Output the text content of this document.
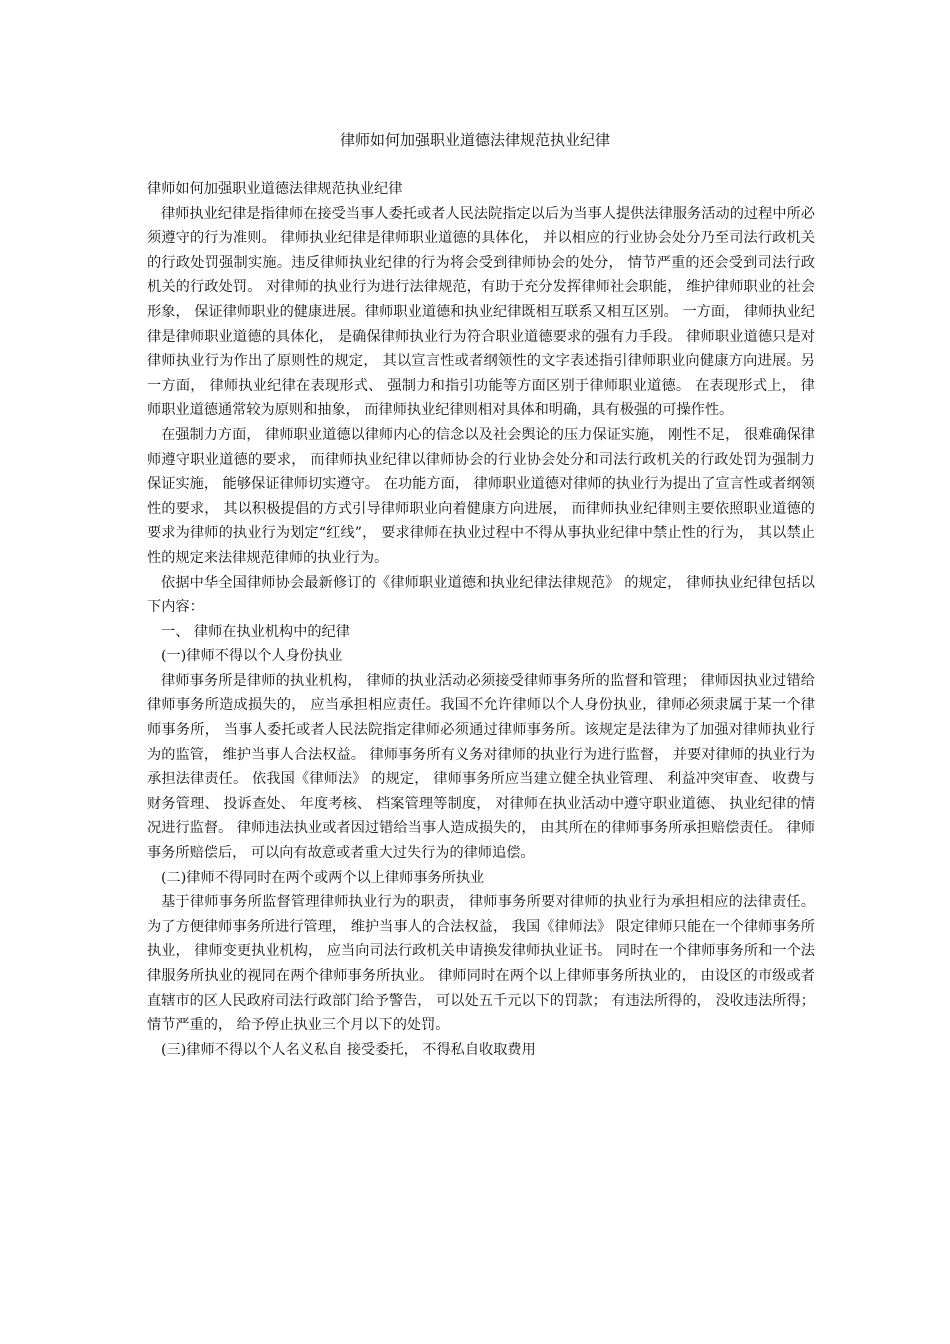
律师如何加强职业道德法律规范执业纪律

律师如何加强职业道德法律规范执业纪律

律师执业纪律是指律师在接受当事人委托或者人民法院指定以后为当事人提供法律服务活动的过程中所必须遵守的行为准则。 律师执业纪律是律师职业道德的具体化， 并以相应的行业协会处分乃至司法行政机关的行政处罚强制实施。违反律师执业纪律的行为将会受到律师协会的处分， 情节严重的还会受到司法行政机关的行政处罚。 对律师的执业行为进行法律规范，有助于充分发挥律师社会职能， 维护律师职业的社会形象， 保证律师职业的健康进展。律师职业道德和执业纪律既相互联系又相互区别。 一方面， 律师执业纪律是律师职业道德的具体化， 是确保律师执业行为符合职业道德要求的强有力手段。 律师职业道德只是对律师执业行为作出了原则性的规定， 其以宣言性或者纲领性的文字表述指引律师职业向健康方向进展。另一方面， 律师执业纪律在表现形式、 强制力和指引功能等方面区别于律师职业道德。 在表现形式上， 律师职业道德通常较为原则和抽象， 而律师执业纪律则相对具体和明确，具有极强的可操作性。

在强制力方面， 律师职业道德以律师内心的信念以及社会舆论的压力保证实施， 刚性不足， 很难确保律师遵守职业道德的要求， 而律师执业纪律以律师协会的行业协会处分和司法行政机关的行政处罚为强制力保证实施， 能够保证律师切实遵守。 在功能方面， 律师职业道德对律师的执业行为提出了宣言性或者纲领性的要求， 其以积极提倡的方式引导律师职业向着健康方向进展， 而律师执业纪律则主要依照职业道德的要求为律师的执业行为划定“红线”， 要求律师在执业过程中不得从事执业纪律中禁止性的行为， 其以禁止性的规定来法律规范律师的执业行为。

依据中华全国律师协会最新修订的《律师职业道德和执业纪律法律规范》 的规定， 律师执业纪律包括以下内容：

一、 律师在执业机构中的纪律

(一)律师不得以个人身份执业

律师事务所是律师的执业机构， 律师的执业活动必须接受律师事务所的监督和管理； 律师因执业过错给律师事务所造成损失的， 应当承担相应责任。我国不允许律师以个人身份执业，律师必须隶属于某一个律师事务所， 当事人委托或者人民法院指定律师必须通过律师事务所。该规定是法律为了加强对律师执业行为的监管， 维护当事人合法权益。 律师事务所有义务对律师的执业行为进行监督， 并要对律师的执业行为承担法律责任。 依我国《律师法》 的规定， 律师事务所应当建立健全执业管理、 利益冲突审查、 收费与财务管理、 投诉查处、 年度考核、 档案管理等制度， 对律师在执业活动中遵守职业道德、 执业纪律的情况进行监督。 律师违法执业或者因过错给当事人造成损失的， 由其所在的律师事务所承担赔偿责任。 律师事务所赔偿后， 可以向有故意或者重大过失行为的律师追偿。

(二)律师不得同时在两个或两个以上律师事务所执业

基于律师事务所监督管理律师执业行为的职责， 律师事务所要对律师的执业行为承担相应的法律责任。 为了方便律师事务所进行管理， 维护当事人的合法权益， 我国《律师法》 限定律师只能在一个律师事务所执业， 律师变更执业机构， 应当向司法行政机关申请换发律师执业证书。 同时在一个律师事务所和一个法律服务所执业的视同在两个律师事务所执业。 律师同时在两个以上律师事务所执业的， 由设区的市级或者直辖市的区人民政府司法行政部门给予警告， 可以处五千元以下的罚款； 有违法所得的， 没收违法所得； 情节严重的， 给予停止执业三个月以下的处罚。

(三)律师不得以个人名义私自 接受委托， 不得私自收取费用
